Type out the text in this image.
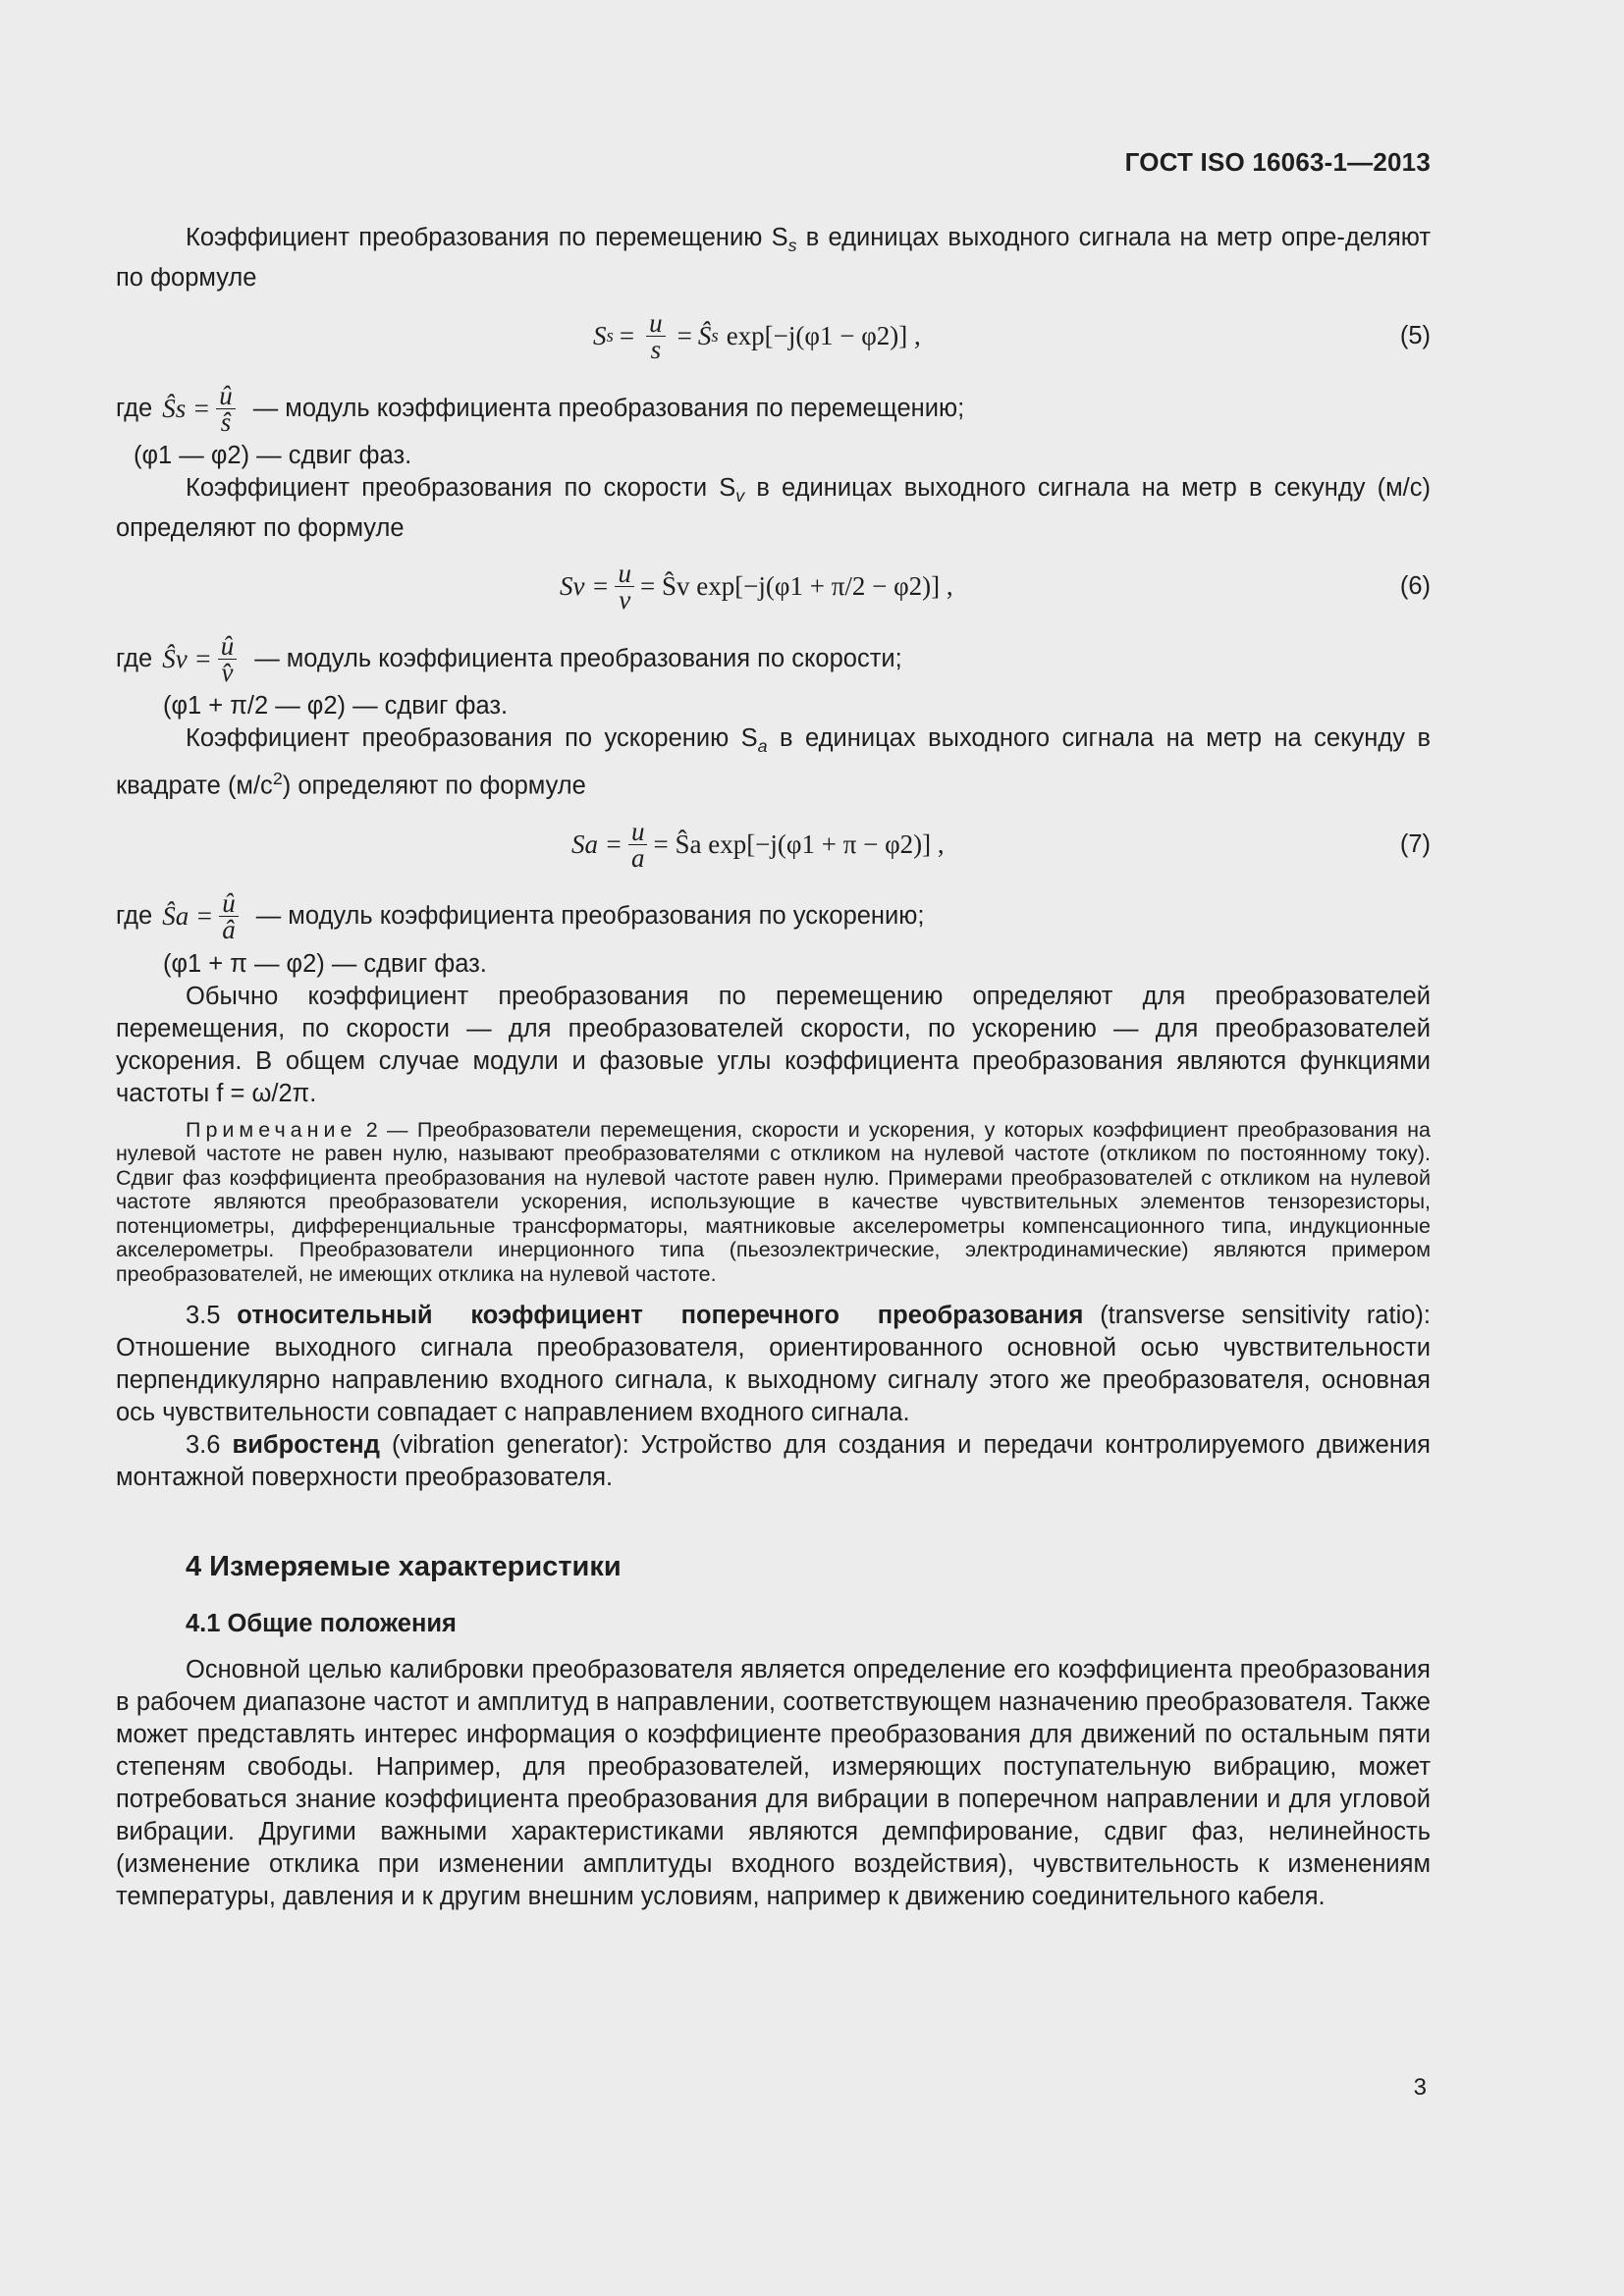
ГОСТ ISO 16063-1—2013

Коэффициент преобразования по перемещению $S_s$ в единицах выходного сигнала на метр опре-деляют по формуле

S $s = \frac{u}{s}$ = Ŝ s exp[−j(φ1 − φ2)] ,	(5)
где Ŝs = $\frac{û}{ŝ}$ — модуль коэффициента преобразования по перемещению;

(φ1 — φ2) — сдвиг фаз.

Коэффициент преобразования по скорости $S_v$ в единицах выходного сигнала на метр в секунду (м/с) определяют по формуле

$Sv = \frac{u}{v}$ = Ŝv exp[−j(φ1 + π/2 − φ2)] ,	(6)
где Ŝv = $\frac{û}{v̂}$ — модуль коэффициента преобразования по скорости;

(φ1 + π/2 — φ2) — сдвиг фаз.

Коэффициент преобразования по ускорению $S_a$ в единицах выходного сигнала на метр на секунду в квадрате $(м/с^2)$ определяют по формуле

$Sa = \frac{u}{a}$ = Ŝa exp[−j(φ1 + π − φ2)] ,	(7)
где Ŝa = $\frac{û}{â}$ — модуль коэффициента преобразования по ускорению;

(φ1 + π — φ2) — сдвиг фаз.

Обычно коэффициент преобразования по перемещению определяют для преобразователей перемещения, по скорости — для преобразователей скорости, по ускорению — для преобразователей ускорения. В общем случае модули и фазовые углы коэффициента преобразования являются функциями частоты f = ω/2π.

Примечание 2 — Преобразователи перемещения, скорости и ускорения, у которых коэффициент преобразования на нулевой частоте не равен нулю, называют преобразователями с откликом на нулевой частоте (откликом по постоянному току). Сдвиг фаз коэффициента преобразования на нулевой частоте равен нулю. Примерами преобразователей с откликом на нулевой частоте являются преобразователи ускорения, использующие в качестве чувствительных элементов тензорезисторы, потенциометры, дифференциальные трансформаторы, маятниковые акселерометры компенсационного типа, индукционные акселерометры. Преобразователи инерционного типа (пьезоэлектрические, электродинамические) являются примером преобразователей, не имеющих отклика на нулевой частоте.

3.5 относительный коэффициент поперечного преобразования (transverse sensitivity ratio): Отношение выходного сигнала преобразователя, ориентированного основной осью чувствительности перпендикулярно направлению входного сигнала, к выходному сигналу этого же преобразователя, основная ось чувствительности совпадает с направлением входного сигнала.

3.6 вибростенд (vibration generator): Устройство для создания и передачи контролируемого движения монтажной поверхности преобразователя.

4 Измеряемые характеристики
4.1 Общие положения

Основной целью калибровки преобразователя является определение его коэффициента преобразования в рабочем диапазоне частот и амплитуд в направлении, соответствующем назначению преобразователя. Также может представлять интерес информация о коэффициенте преобразования для движений по остальным пяти степеням свободы. Например, для преобразователей, измеряющих поступательную вибрацию, может потребоваться знание коэффициента преобразования для вибрации в поперечном направлении и для угловой вибрации. Другими важными характеристиками являются демпфирование, сдвиг фаз, нелинейность (изменение отклика при изменении амплитуды входного воздействия), чувствительность к изменениям температуры, давления и к другим внешним условиям, например к движению соединительного кабеля.

3
